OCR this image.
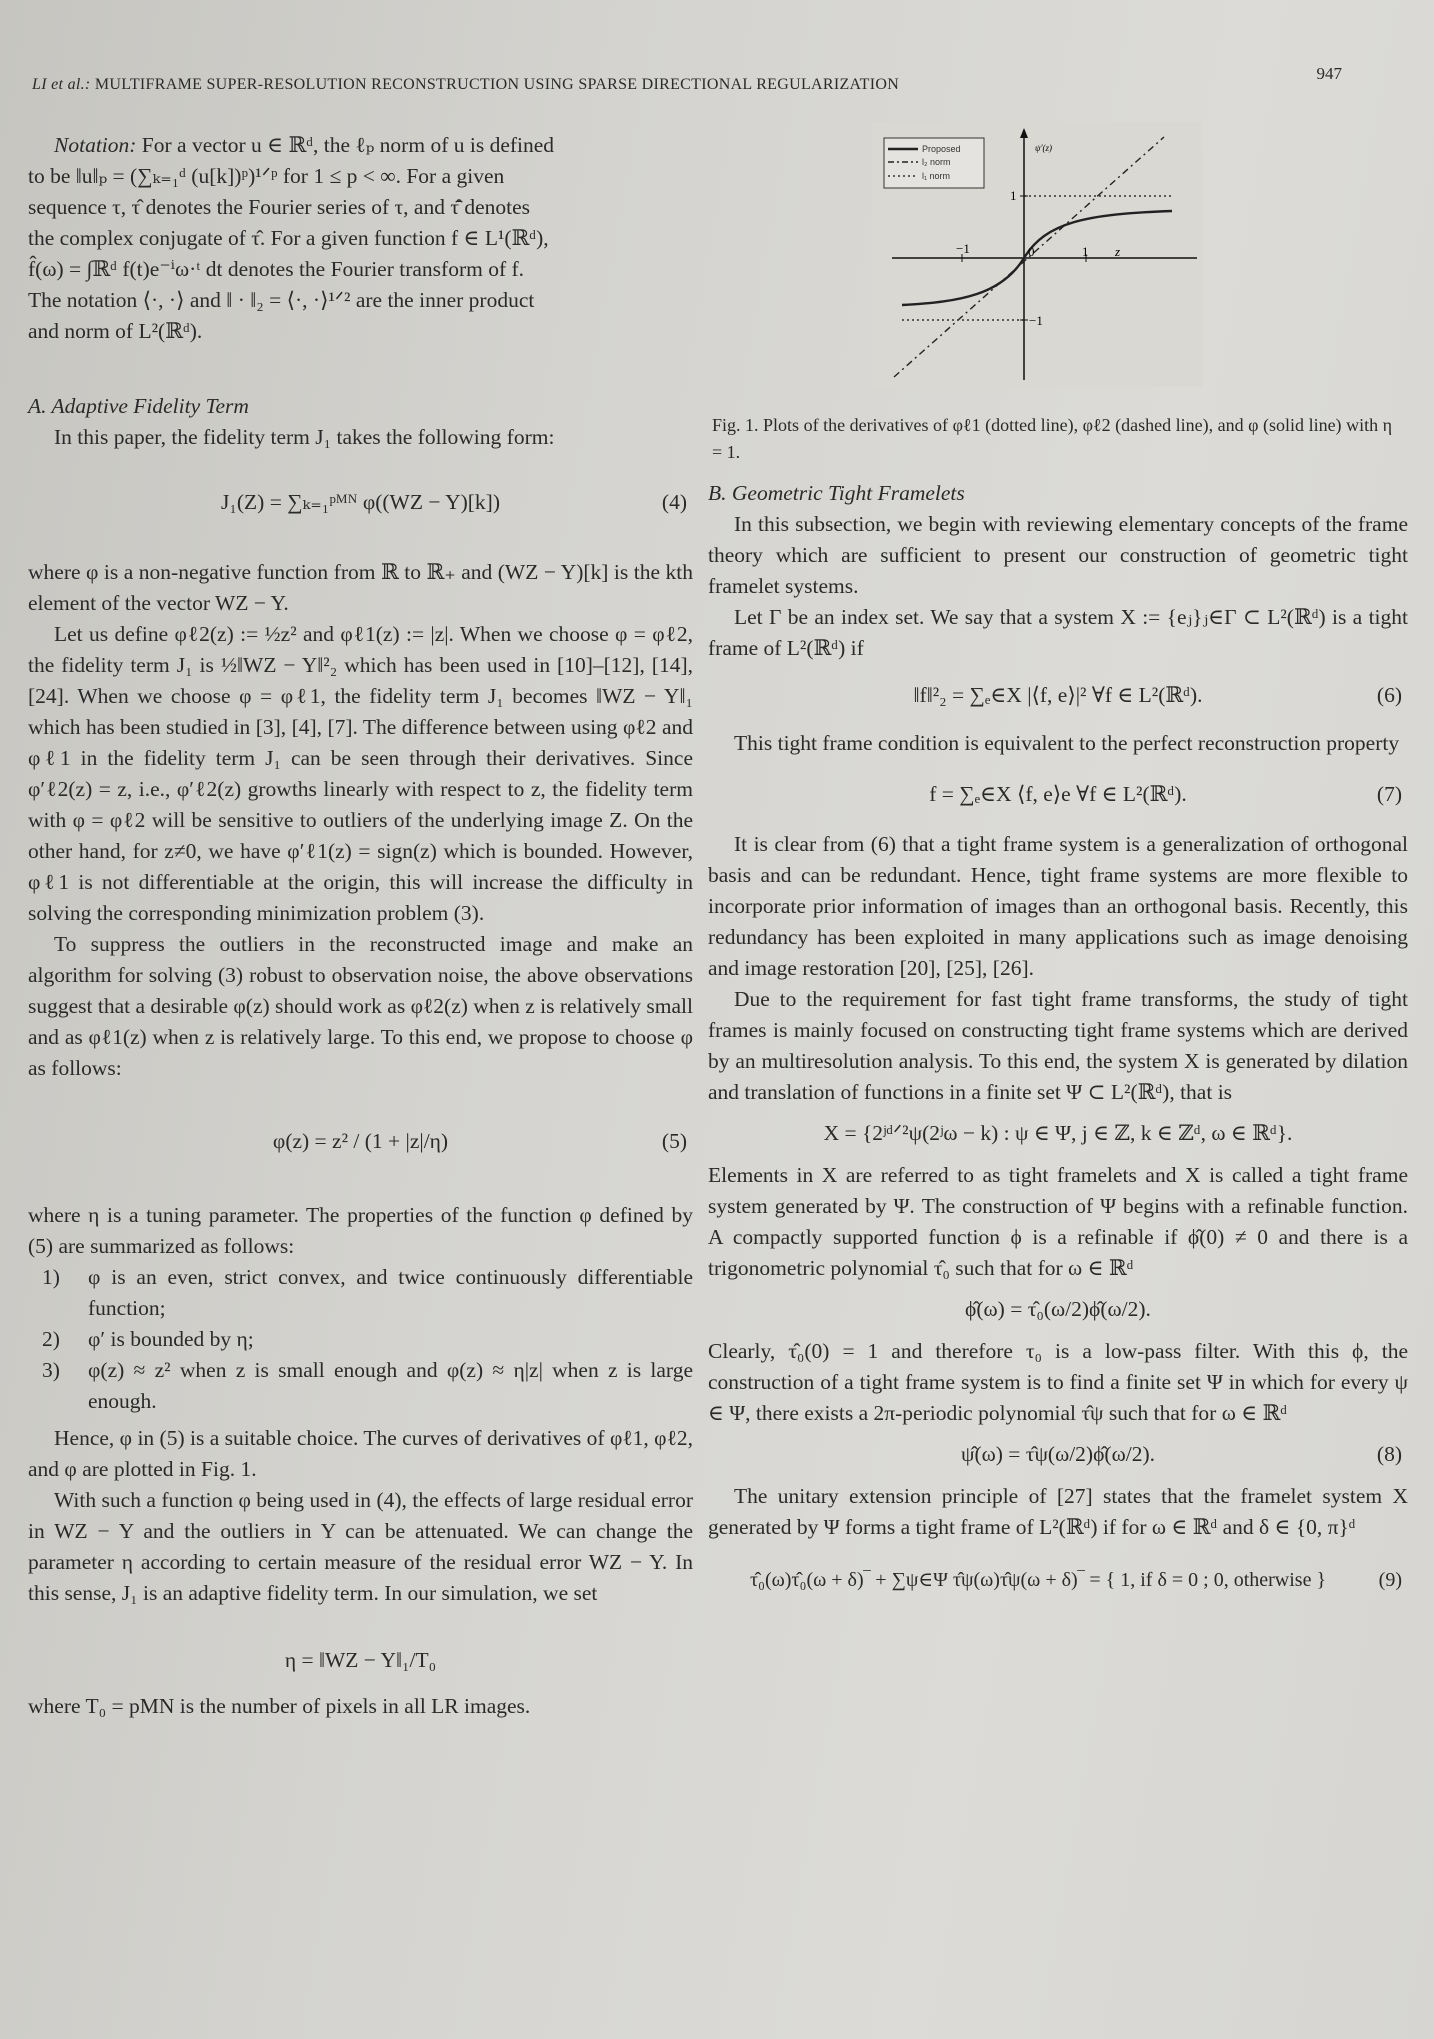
LI et al.: MULTIFRAME SUPER-RESOLUTION RECONSTRUCTION USING SPARSE DIRECTIONAL REGULARIZATION
947
Notation: For a vector u ∈ ℝᵈ, the ℓₚ norm of u is defined
to be ‖u‖ₚ = (∑ₖ₌₁ᵈ (u[k])ᵖ)¹ᐟᵖ for 1 ≤ p < ∞. For a given
sequence τ, τ̂ denotes the Fourier series of τ, and τ̂̄ denotes
the complex conjugate of τ̂. For a given function f ∈ L¹(ℝᵈ),
f̂(ω) = ∫ℝᵈ f(t)e⁻ⁱω·ᵗ dt denotes the Fourier transform of f.
The notation ⟨·, ·⟩ and ‖ · ‖₂ = ⟨·, ·⟩¹ᐟ² are the inner product
and norm of L²(ℝᵈ).
A. Adaptive Fidelity Term

In this paper, the fidelity term J₁ takes the following form:

J₁(Z) = ∑ₖ₌₁ᵖᴹᴺ φ((WZ − Y)[k])	(4)

where φ is a non-negative function from ℝ to ℝ₊ and (WZ − Y)[k] is the kth element of the vector WZ − Y.

Let us define φℓ2(z) := ½z² and φℓ1(z) := |z|. When we choose φ = φℓ2, the fidelity term J₁ is ½‖WZ − Y‖²₂ which has been used in [10]–[12], [14], [24]. When we choose φ = φℓ1, the fidelity term J₁ becomes ‖WZ − Y‖₁ which has been studied in [3], [4], [7]. The difference between using φℓ2 and φℓ1 in the fidelity term J₁ can be seen through their derivatives. Since φ′ℓ2(z) = z, i.e., φ′ℓ2(z) growths linearly with respect to z, the fidelity term with φ = φℓ2 will be sensitive to outliers of the underlying image Z. On the other hand, for z≠0, we have φ′ℓ1(z) = sign(z) which is bounded. However, φℓ1 is not differentiable at the origin, this will increase the difficulty in solving the corresponding minimization problem (3).

To suppress the outliers in the reconstructed image and make an algorithm for solving (3) robust to observation noise, the above observations suggest that a desirable φ(z) should work as φℓ2(z) when z is relatively small and as φℓ1(z) when z is relatively large. To this end, we propose to choose φ as follows:

φ(z) = z² / (1 + |z|/η)	(5)

where η is a tuning parameter. The properties of the function φ defined by (5) are summarized as follows:

1) φ is an even, strict convex, and twice continuously differentiable function;
2) φ′ is bounded by η;
3) φ(z) ≈ z² when z is small enough and φ(z) ≈ η|z| when z is large enough.

Hence, φ in (5) is a suitable choice. The curves of derivatives of φℓ1, φℓ2, and φ are plotted in Fig. 1.

With such a function φ being used in (4), the effects of large residual error in WZ − Y and the outliers in Y can be attenuated. We can change the parameter η according to certain measure of the residual error WZ − Y. In this sense, J₁ is an adaptive fidelity term. In our simulation, we set

η = ‖WZ − Y‖₁/T₀

where T₀ = pMN is the number of pixels in all LR images.

−1	0	1 z
1
−1
ψ′(z)
Proposed
l₂ norm
l₁ norm
Fig. 1. Plots of the derivatives of φℓ1 (dotted line), φℓ2 (dashed line), and φ (solid line) with η = 1.
B. Geometric Tight Framelets

In this subsection, we begin with reviewing elementary concepts of the frame theory which are sufficient to present our construction of geometric tight framelet systems.

Let Γ be an index set. We say that a system X := {eⱼ}ⱼ∈Γ ⊂ L²(ℝᵈ) is a tight frame of L²(ℝᵈ) if

‖f‖²₂ = ∑ₑ∈X |⟨f, e⟩|² ∀f ∈ L²(ℝᵈ).	(6)

This tight frame condition is equivalent to the perfect reconstruction property

f = ∑ₑ∈X ⟨f, e⟩e ∀f ∈ L²(ℝᵈ).	(7)

It is clear from (6) that a tight frame system is a generalization of orthogonal basis and can be redundant. Hence, tight frame systems are more flexible to incorporate prior information of images than an orthogonal basis. Recently, this redundancy has been exploited in many applications such as image denoising and image restoration [20], [25], [26].

Due to the requirement for fast tight frame transforms, the study of tight frames is mainly focused on constructing tight frame systems which are derived by an multiresolution analysis. To this end, the system X is generated by dilation and translation of functions in a finite set Ψ ⊂ L²(ℝᵈ), that is

X = {2ʲᵈᐟ²ψ(2ʲω − k) : ψ ∈ Ψ, j ∈ ℤ, k ∈ ℤᵈ, ω ∈ ℝᵈ}.

Elements in X are referred to as tight framelets and X is called a tight frame system generated by Ψ. The construction of Ψ begins with a refinable function. A compactly supported function ϕ is a refinable if ϕ̂(0) ≠ 0 and there is a trigonometric polynomial τ̂₀ such that for ω ∈ ℝᵈ

ϕ̂(ω) = τ̂₀(ω/2)ϕ̂(ω/2).

Clearly, τ̂₀(0) = 1 and therefore τ₀ is a low-pass filter. With this ϕ, the construction of a tight frame system is to find a finite set Ψ in which for every ψ ∈ Ψ, there exists a 2π-periodic polynomial τ̂ψ such that for ω ∈ ℝᵈ

ψ̂(ω) = τ̂ψ(ω/2)ϕ̂(ω/2).	(8)

The unitary extension principle of [27] states that the framelet system X generated by Ψ forms a tight frame of L²(ℝᵈ) if for ω ∈ ℝᵈ and δ ∈ {0, π}ᵈ

τ̂₀(ω)τ̂₀(ω + δ)‾ + ∑ψ∈Ψ τ̂ψ(ω)τ̂ψ(ω + δ)‾ = { 1, if δ = 0 ; 0, otherwise }	(9)
